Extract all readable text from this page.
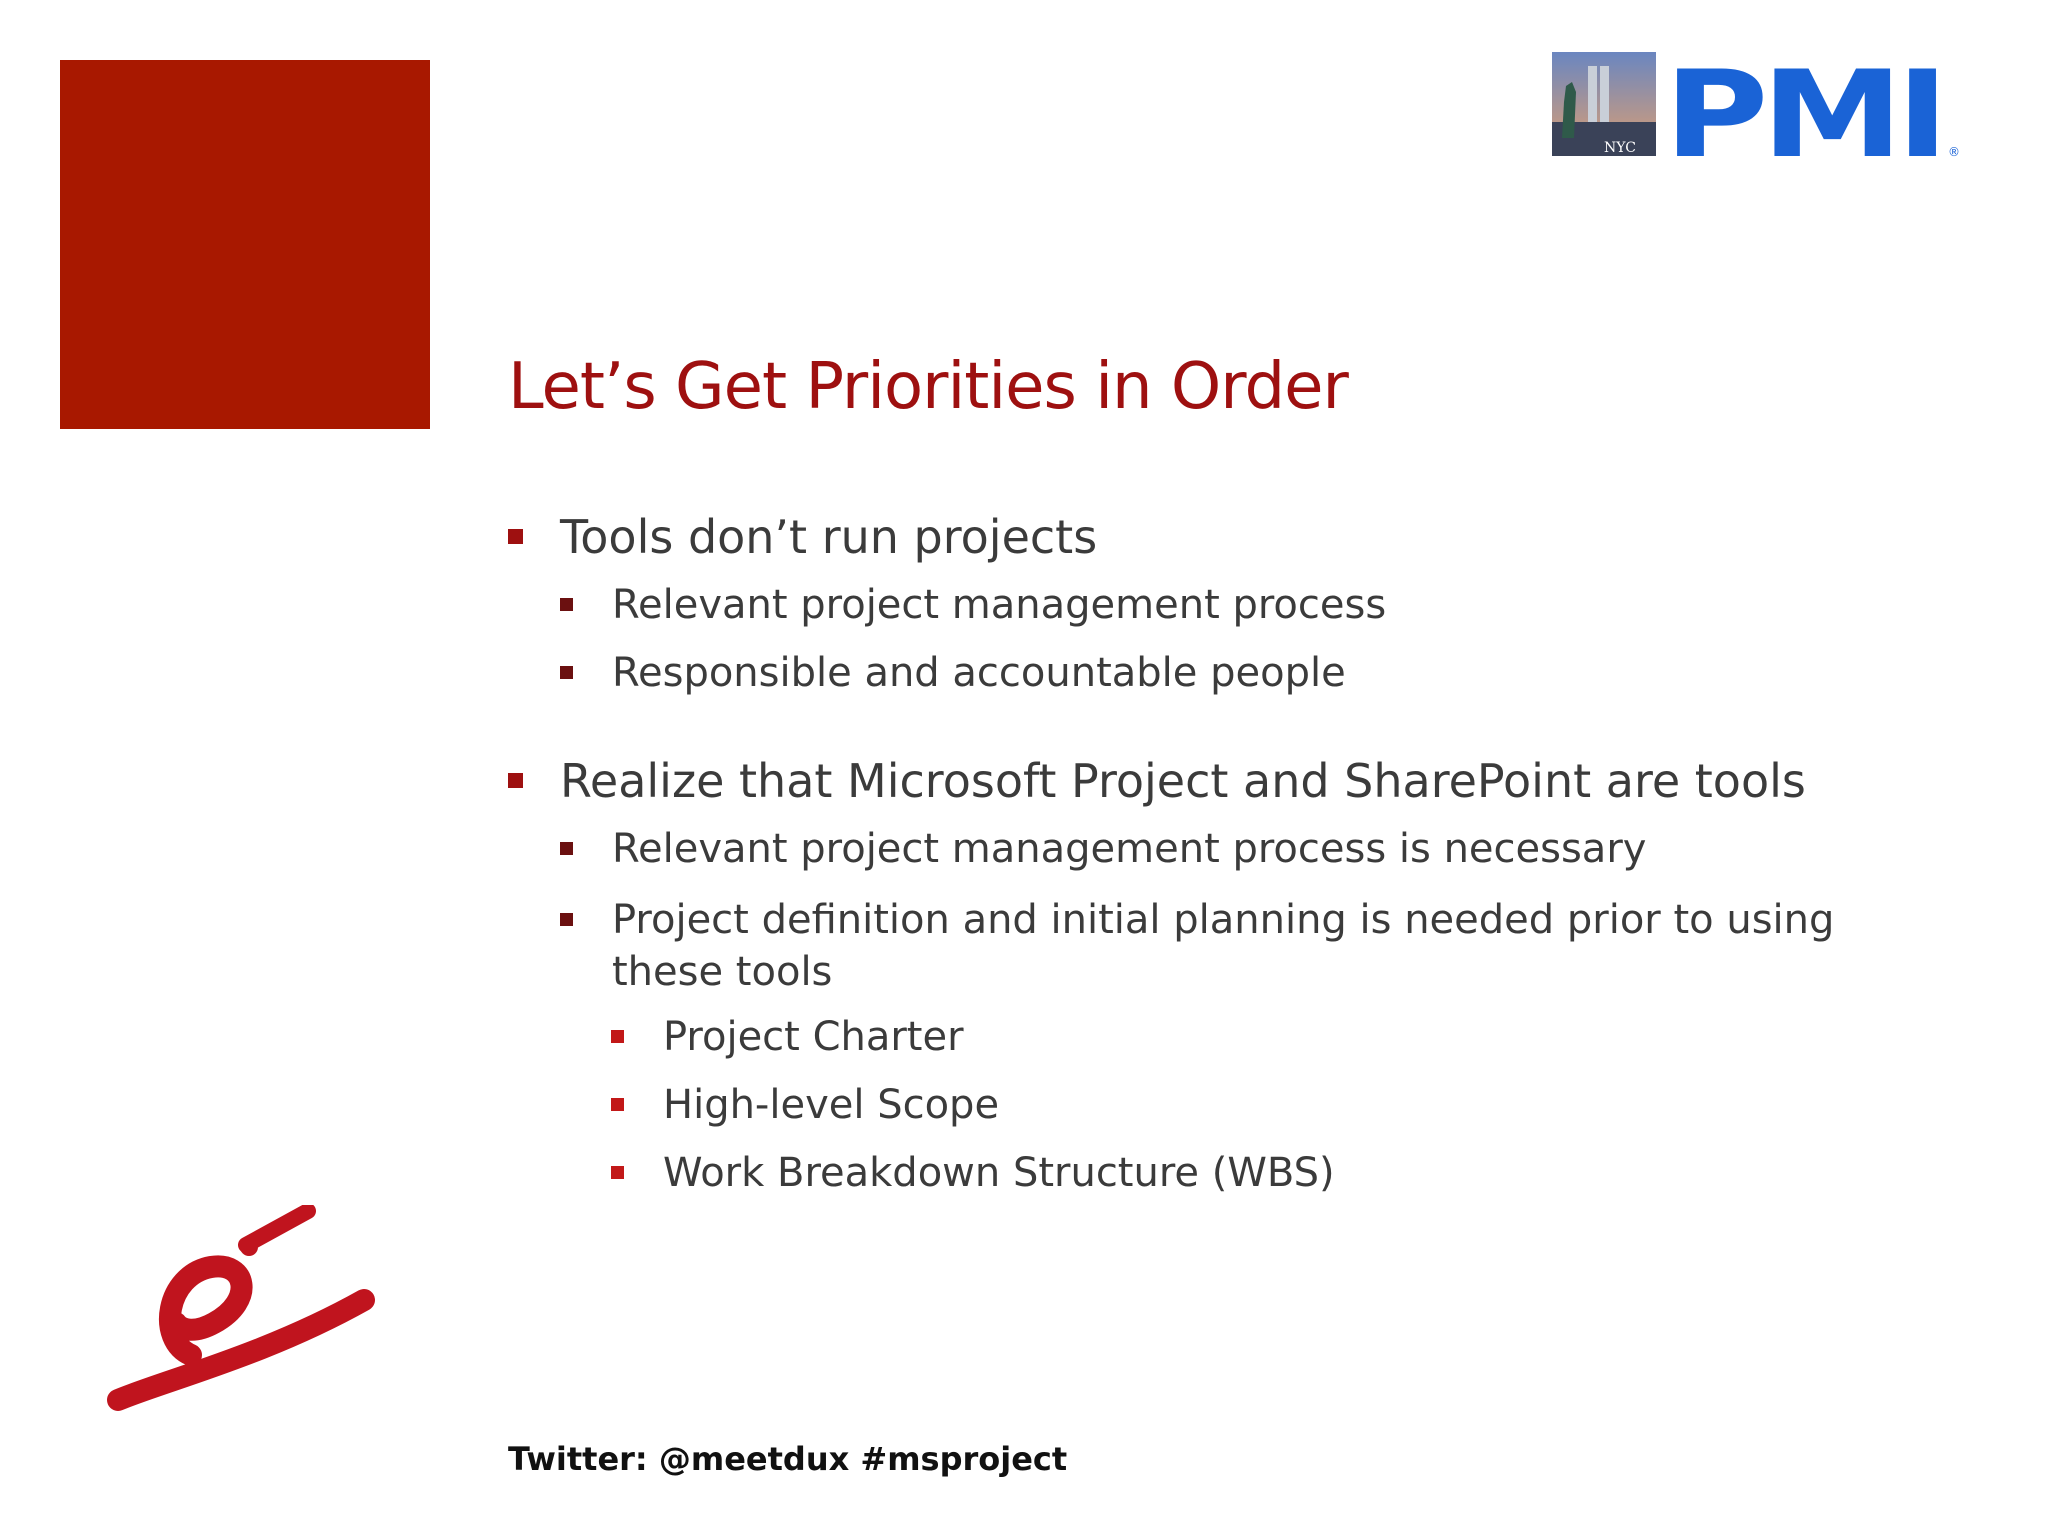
NYC PMI ®
Let’s Get Priorities in Order
Tools don’t run projects
Relevant project management process
Responsible and accountable people
Realize that Microsoft Project and SharePoint are tools
Relevant project management process is necessary
Project definition and initial planning is needed prior to using these tools
Project Charter
High-level Scope
Work Breakdown Structure (WBS)
Twitter: @meetdux #msproject
